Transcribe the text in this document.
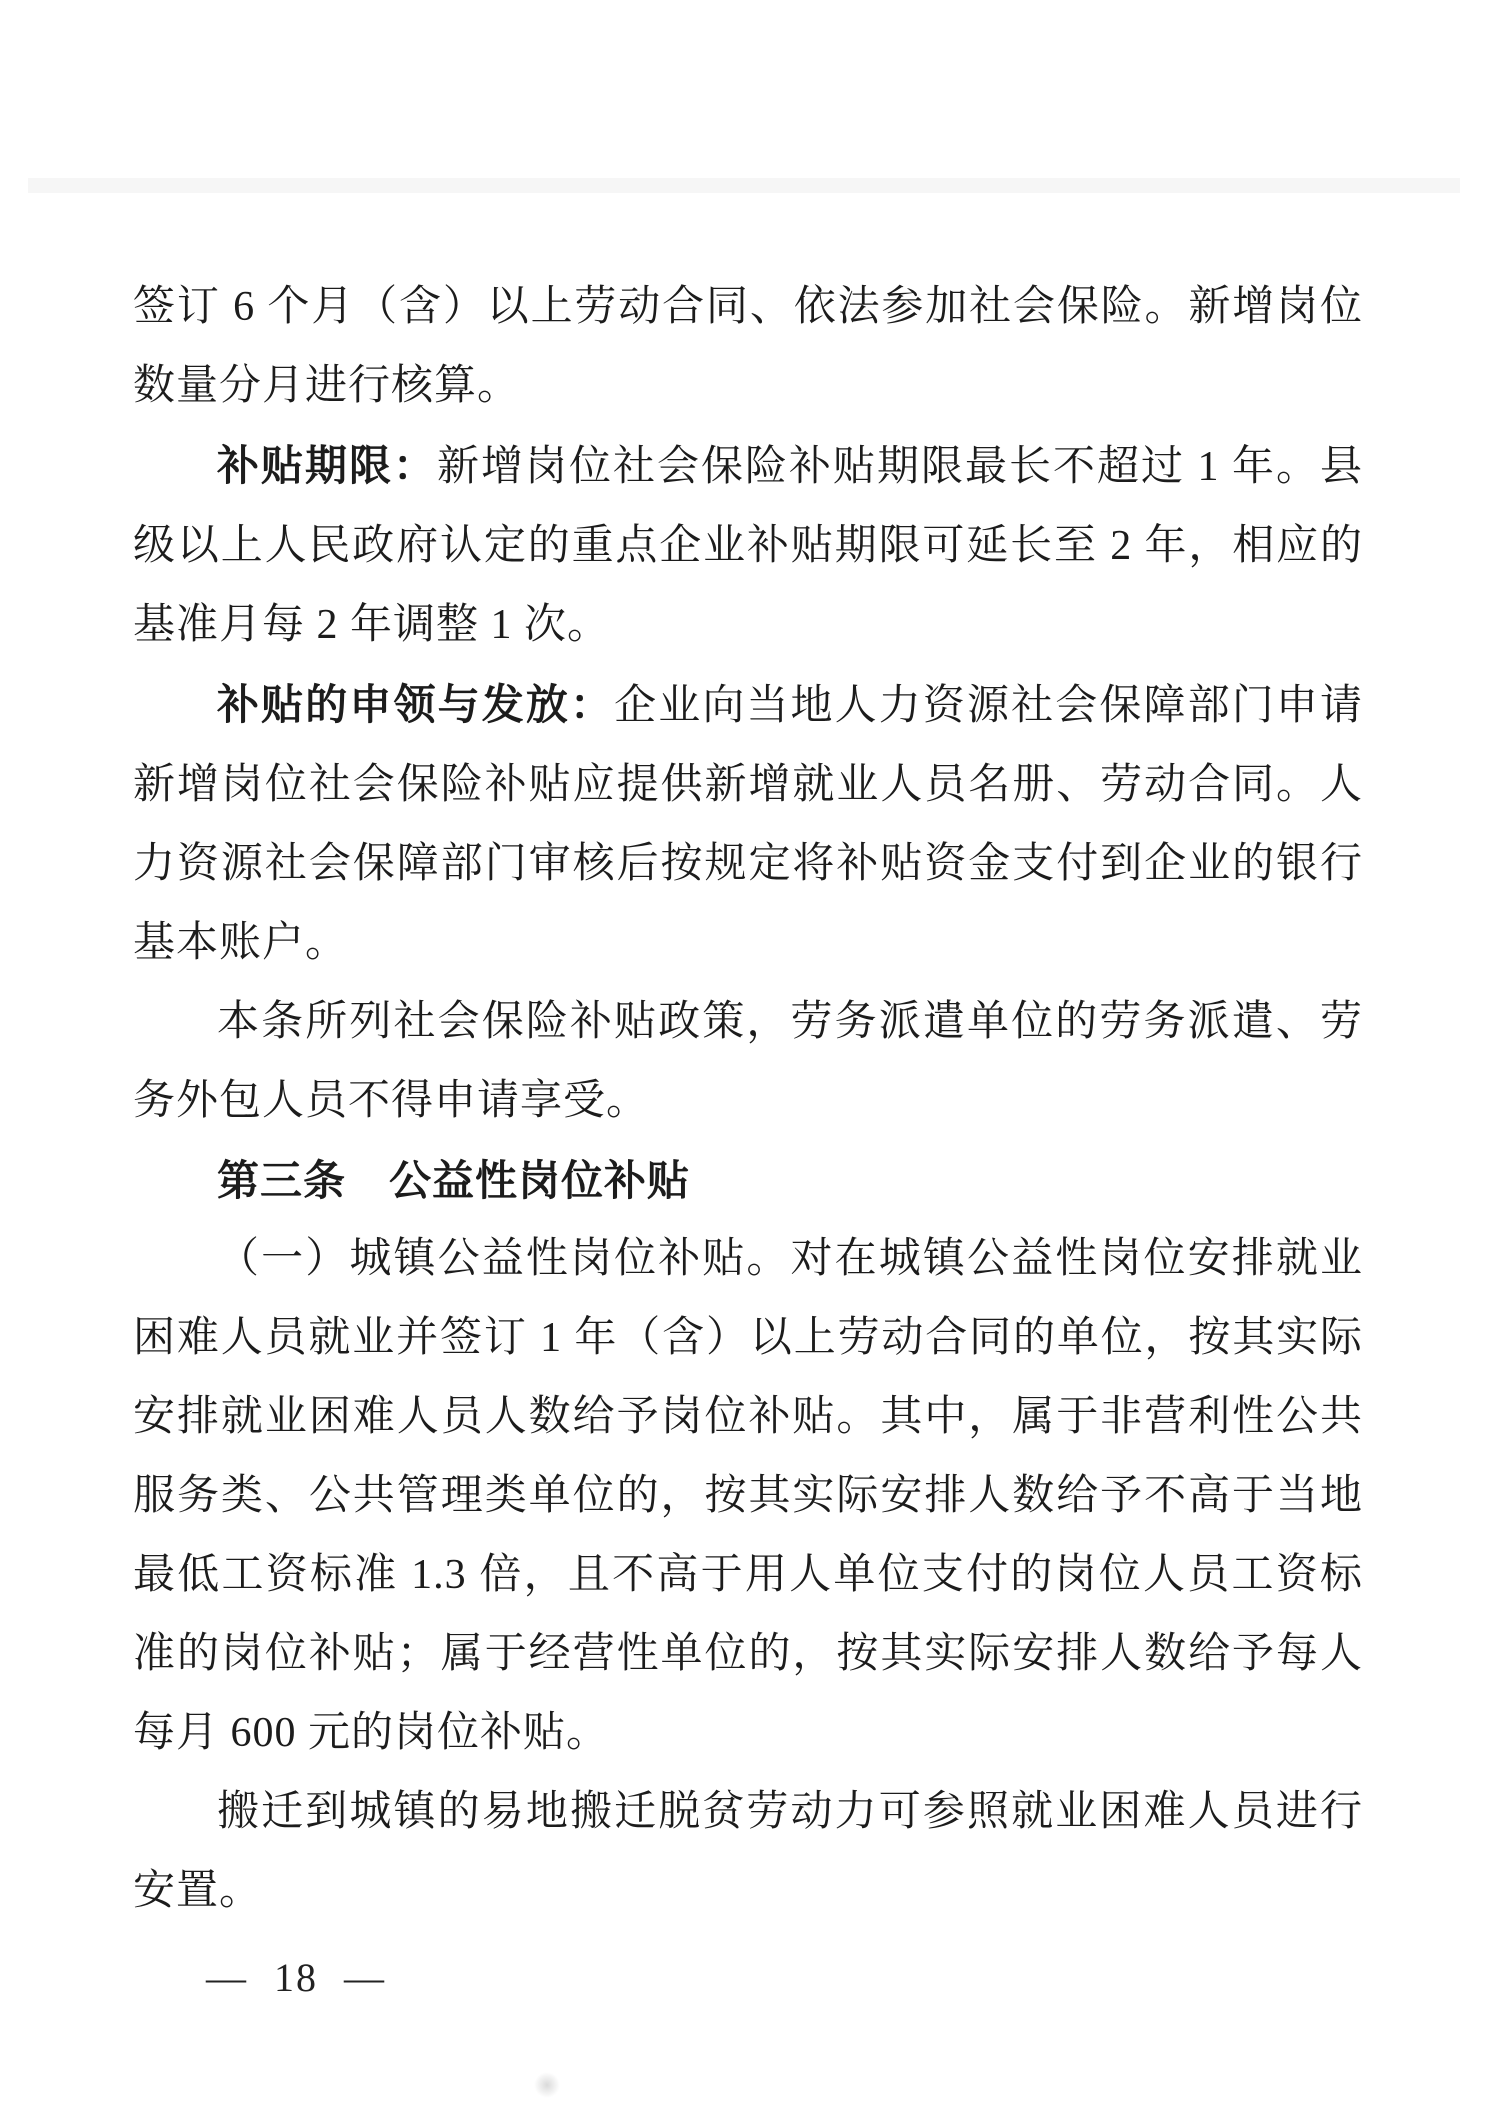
签订 6 个月（含）以上劳动合同、依法参加社会保险。新增岗位数量分月进行核算。

补贴期限：新增岗位社会保险补贴期限最长不超过 1 年。县级以上人民政府认定的重点企业补贴期限可延长至 2 年，相应的基准月每 2 年调整 1 次。

补贴的申领与发放：企业向当地人力资源社会保障部门申请新增岗位社会保险补贴应提供新增就业人员名册、劳动合同。人力资源社会保障部门审核后按规定将补贴资金支付到企业的银行基本账户。

本条所列社会保险补贴政策，劳务派遣单位的劳务派遣、劳务外包人员不得申请享受。

第三条　公益性岗位补贴

（一）城镇公益性岗位补贴。对在城镇公益性岗位安排就业困难人员就业并签订 1 年（含）以上劳动合同的单位，按其实际安排就业困难人员人数给予岗位补贴。其中，属于非营利性公共服务类、公共管理类单位的，按其实际安排人数给予不高于当地最低工资标准 1.3 倍，且不高于用人单位支付的岗位人员工资标准的岗位补贴；属于经营性单位的，按其实际安排人数给予每人每月 600 元的岗位补贴。

搬迁到城镇的易地搬迁脱贫劳动力可参照就业困难人员进行安置。

— 18 —
